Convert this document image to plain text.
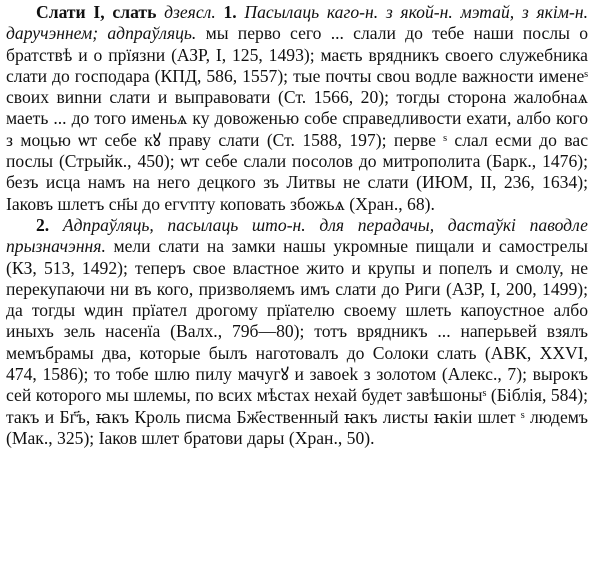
Слати I, слать дзеясл. 1. Пасылаць каго-н. з якой-н. мэтай, з якім-н. даручэннем; адпраўляць. мы перво сего ... слали до тебе наши послы о братствѣ и о прїязни (АЗР, I, 125, 1493); маєть врядникъ своего служебника слати до господара (КПД, 586, 1557); тые почты своu водле важности именеˢ своих виnни слати и выправовати (Ст. 1566, 20); тогды сторона жалобнаѧ маеть ... до того именьѧ ку довоженью собе справедливости ехати, албо кого з моцью ѡт себе кꙋ праву слати (Ст. 1588, 197); перве ˢ слал есми до вас послы (Стрыйк., 450); ѡт себе слали посолов до митрополита (Барк., 1476); безъ исца намъ на него децкого зъ Литвы не слати (ИЮМ, II, 236, 1634); Іаковъ шлетъ сн҃ы до егѵпту коповать збожьѧ (Хран., 68).

2. Адпраўляць, пасылаць што-н. для перадачы, дастаўкі паводле прызначэння. мели слати на замки нашы укромные пищали и самострелы (КЗ, 513, 1492); теперъ свое властное жито и крупы и попелъ и смолу, не перекупаючи ни въ кого, призволяемъ имъ слати до Риги (АЗР, I, 200, 1499); да тогды ѡдин прїател дрогому прїателю своему шлеть капоустное албо иныхъ зель насенїа (Валх., 79б—80); тотъ врядникъ ... наперьвей взялъ мемъбрамы два, которые былъ наготовалъ до Солоки слать (АВК, XXVI, 474, 1586); то тобе шлю пилу мачугꙋ и завоеk з золотом (Алекс., 7); вырокъ сей которого мы шлемы, по всих мѣстах нехай будет завѣшоныˢ (Біблія, 584); такъ и Бг҃ъ, ꙗкъ Кроль писма Бж҃ественный ꙗкъ листы ꙗкіи шлет ˢ людемъ (Мак., 325); Іаков шлет братови дары (Хран., 50).
